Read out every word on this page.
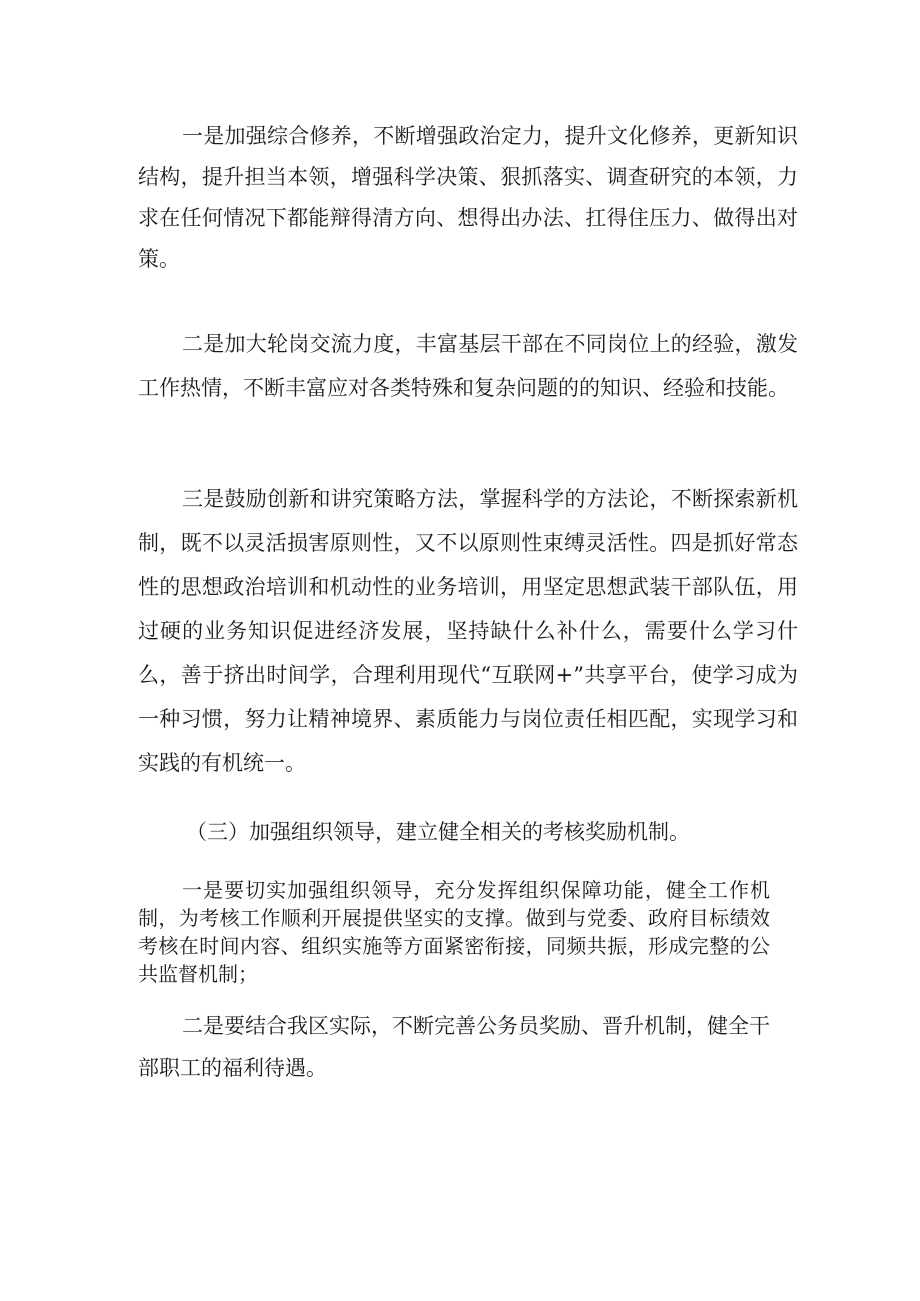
一是加强综合修养，不断增强政治定力，提升文化修养，更新知识结构，提升担当本领，增强科学决策、狠抓落实、调查研究的本领，力求在任何情况下都能辩得清方向、想得出办法、扛得住压力、做得出对策。

二是加大轮岗交流力度，丰富基层干部在不同岗位上的经验，激发工作热情，不断丰富应对各类特殊和复杂问题的的知识、经验和技能。

三是鼓励创新和讲究策略方法，掌握科学的方法论，不断探索新机制，既不以灵活损害原则性，又不以原则性束缚灵活性。四是抓好常态性的思想政治培训和机动性的业务培训，用坚定思想武装干部队伍，用过硬的业务知识促进经济发展，坚持缺什么补什么，需要什么学习什么，善于挤出时间学，合理利用现代“互联网+”共享平台，使学习成为一种习惯，努力让精神境界、素质能力与岗位责任相匹配，实现学习和实践的有机统一。

（三）加强组织领导，建立健全相关的考核奖励机制。

一是要切实加强组织领导，充分发挥组织保障功能，健全工作机制，为考核工作顺利开展提供坚实的支撑。做到与党委、政府目标绩效考核在时间内容、组织实施等方面紧密衔接，同频共振，形成完整的公共监督机制；

二是要结合我区实际，不断完善公务员奖励、晋升机制，健全干部职工的福利待遇。
